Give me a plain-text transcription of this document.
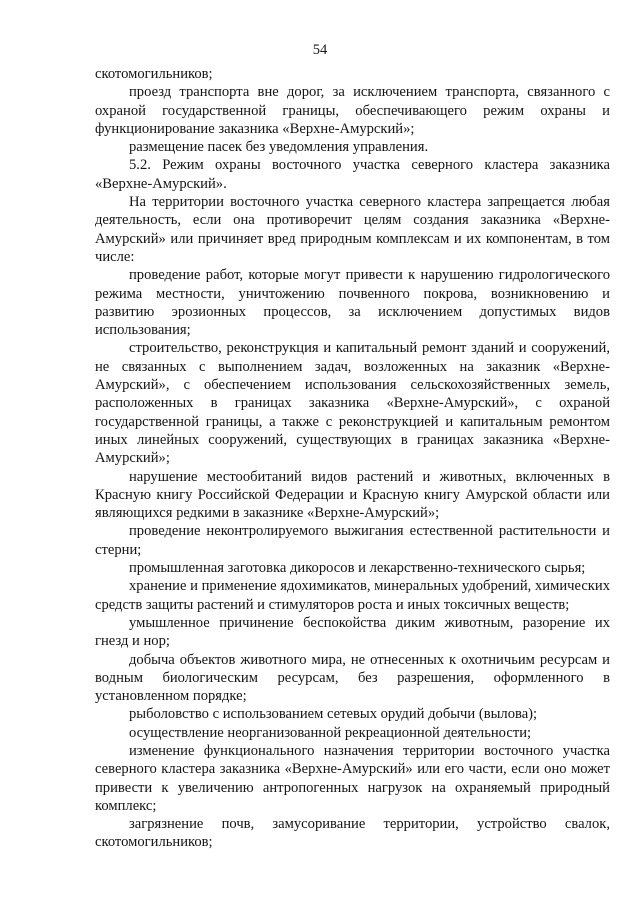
54

скотомогильников;

проезд транспорта вне дорог, за исключением транспорта, связанного с охраной государственной границы, обеспечивающего режим охраны и функционирование заказника «Верхне-Амурский»;

размещение пасек без уведомления управления.

5.2. Режим охраны восточного участка северного кластера заказника «Верхне-Амурский».

На территории восточного участка северного кластера запрещается любая деятельность, если она противоречит целям создания заказника «Верхне-Амурский» или причиняет вред природным комплексам и их компонентам, в том числе:

проведение работ, которые могут привести к нарушению гидрологического режима местности, уничтожению почвенного покрова, возникновению и развитию эрозионных процессов, за исключением допустимых видов использования;

строительство, реконструкция и капитальный ремонт зданий и сооружений, не связанных с выполнением задач, возложенных на заказник «Верхне-Амурский», с обеспечением использования сельскохозяйственных земель, расположенных в границах заказника «Верхне-Амурский», с охраной государственной границы, а также с реконструкцией и капитальным ремонтом иных линейных сооружений, существующих в границах заказника «Верхне-Амурский»;

нарушение местообитаний видов растений и животных, включенных в Красную книгу Российской Федерации и Красную книгу Амурской области или являющихся редкими в заказнике «Верхне-Амурский»;

проведение неконтролируемого выжигания естественной растительности и стерни;

промышленная заготовка дикоросов и лекарственно-технического сырья;

хранение и применение ядохимикатов, минеральных удобрений, химических средств защиты растений и стимуляторов роста и иных токсичных веществ;

умышленное причинение беспокойства диким животным, разорение их гнезд и нор;

добыча объектов животного мира, не отнесенных к охотничьим ресурсам и водным биологическим ресурсам, без разрешения, оформленного в установленном порядке;

рыболовство с использованием сетевых орудий добычи (вылова);

осуществление неорганизованной рекреационной деятельности;

изменение функционального назначения территории восточного участка северного кластера заказника «Верхне-Амурский» или его части, если оно может привести к увеличению антропогенных нагрузок на охраняемый природный комплекс;

загрязнение почв, замусоривание территории, устройство свалок, скотомогильников;
